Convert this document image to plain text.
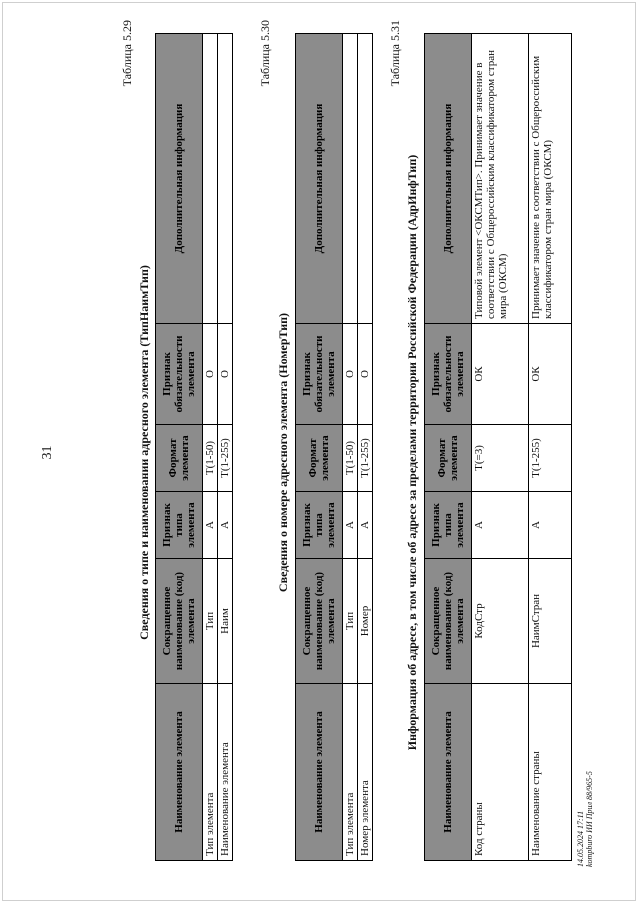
31
Таблица 5.29
Сведения о типе и наименовании адресного элемента (ТипНаимТип)
Наименование элемента	Сокращенное наименование (код) элемента	Признак типа элемента	Формат элемента	Признак обязательности элемента	Дополнительная информация
Тип элемента	Тип	А	T(1-50)	О	
Наименование элемента	Наим	А	T(1-255)	О	
Таблица 5.30
Сведения о номере адресного элемента (НомерТип)
Наименование элемента	Сокращенное наименование (код) элемента	Признак типа элемента	Формат элемента	Признак обязательности элемента	Дополнительная информация
Тип элемента	Тип	А	T(1-50)	О	
Номер элемента	Номер	А	T(1-255)	О	
Таблица 5.31
Информация об адресе, в том числе об адресе за пределами территории Российской Федерации (АдрИнфТип)
Наименование элемента	Сокращенное наименование (код) элемента	Признак типа элемента	Формат элемента	Признак обязательности элемента	Дополнительная информация
Код страны	КодСтр	А	T(=3)	ОК	Типовой элемент <ОКСМТип>. Принимает значение в соответствии с Общероссийским классификатором стран мира (ОКСМ)
Наименование страны	НаимСтран	А	T(1-255)	ОК	Принимает значение в соответствии с Общероссийским классификатором стран мира (ОКСМ)
14.05.2024 17:11 kompburo ИИ Прил 88/965-5
